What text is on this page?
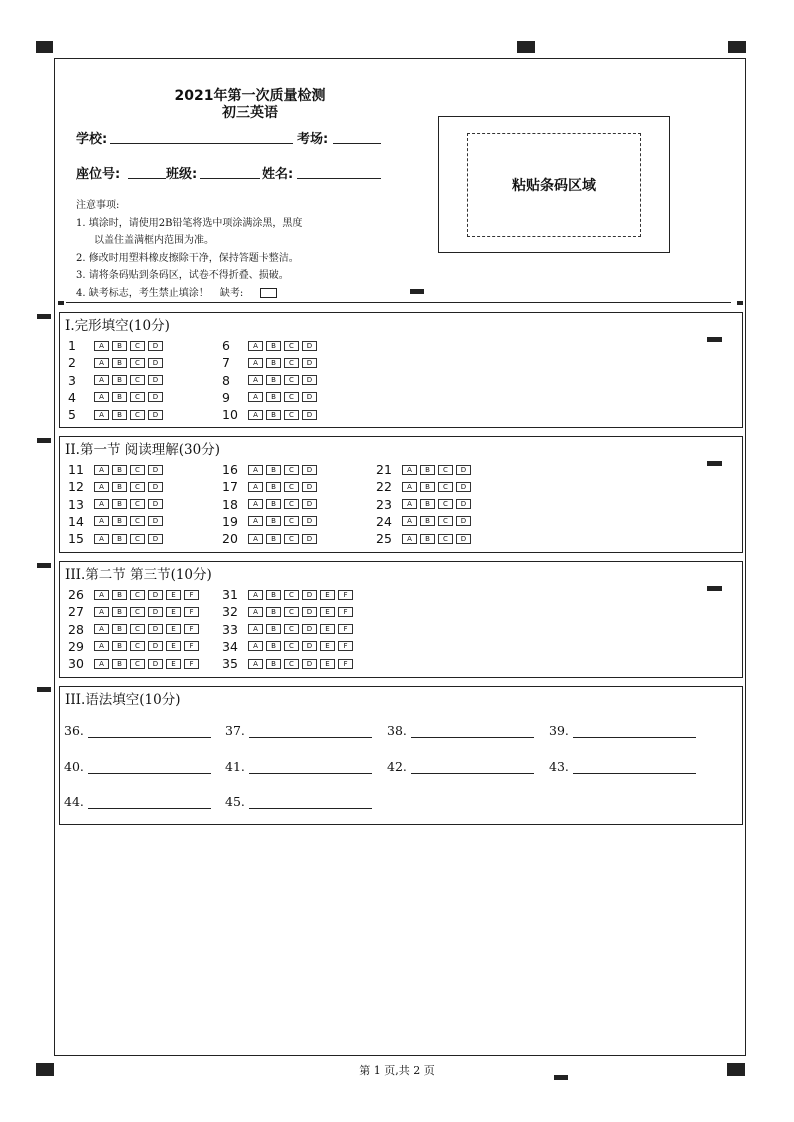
2021年第一次质量检测
初三英语
学校:	考场:
座位号:	班级:	姓名:
注意事项:
1. 填涂时，请使用2B铅笔将选中项涂满涂黑，黑度
以盖住盖满框内范围为准。
2. 修改时用塑料橡皮擦除干净，保持答题卡整洁。
3. 请将条码贴到条码区，试卷不得折叠、损破。
4. 缺考标志，考生禁止填涂！ 缺考:
粘贴条码区域
I.完形填空(10分)
1	A	B	C	D
2	A	B	C	D
3	A	B	C	D
4	A	B	C	D
5	A	B	C	D
6	A	B	C	D
7	A	B	C	D
8	A	B	C	D
9	A	B	C	D
10	A	B	C	D
II.第一节 阅读理解(30分)
11	A	B	C	D
12	A	B	C	D
13	A	B	C	D
14	A	B	C	D
15	A	B	C	D
16	A	B	C	D
17	A	B	C	D
18	A	B	C	D
19	A	B	C	D
20	A	B	C	D
21	A	B	C	D
22	A	B	C	D
23	A	B	C	D
24	A	B	C	D
25	A	B	C	D
III.第二节 第三节(10分)
26	A	B	C	D	E	F
27	A	B	C	D	E	F
28	A	B	C	D	E	F
29	A	B	C	D	E	F
30	A	B	C	D	E	F
31	A	B	C	D	E	F
32	A	B	C	D	E	F
33	A	B	C	D	E	F
34	A	B	C	D	E	F
35	A	B	C	D	E	F
III.语法填空(10分)
36.	37.	38.	39.
40.	41.	42.	43.
44.	45.
第 1 页,共 2 页
